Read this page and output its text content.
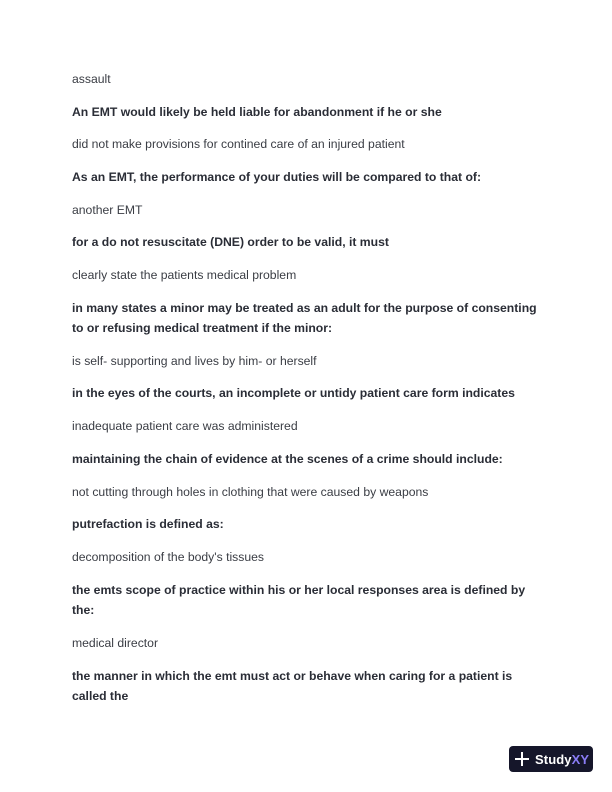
assault

An EMT would likely be held liable for abandonment if he or she

did not make provisions for contined care of an injured patient

As an EMT, the performance of your duties will be compared to that of:

another EMT

for a do not resuscitate (DNE) order to be valid, it must

clearly state the patients medical problem

in many states a minor may be treated as an adult for the purpose of consenting to or refusing medical treatment if the minor:

is self- supporting and lives by him- or herself

in the eyes of the courts, an incomplete or untidy patient care form indicates

inadequate patient care was administered

maintaining the chain of evidence at the scenes of a crime should include:

not cutting through holes in clothing that were caused by weapons

putrefaction is defined as:

decomposition of the body's tissues

the emts scope of practice within his or her local responses area is defined by the:

medical director

the manner in which the emt must act or behave when caring for a patient is called the

StudyXY
